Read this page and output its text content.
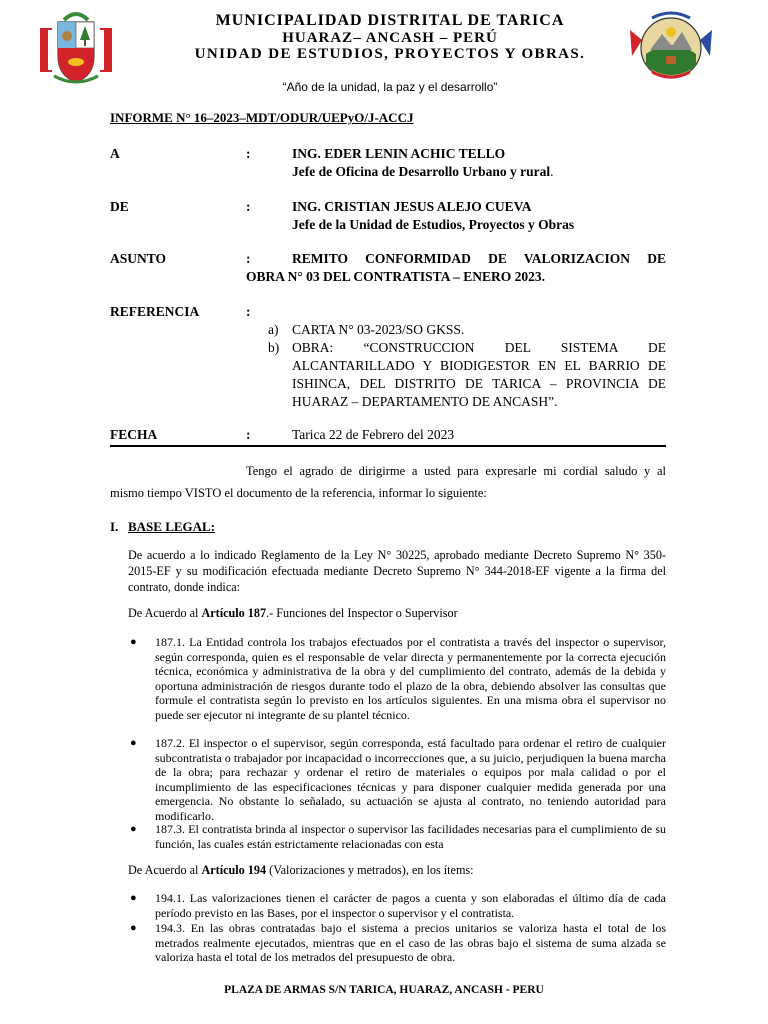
MUNICIPALIDAD DISTRITAL DE TARICA
HUARAZ– ANCASH – PERÚ
UNIDAD DE ESTUDIOS, PROYECTOS Y OBRAS.
“Año de la unidad, la paz y el desarrollo”
INFORME N° 16–2023–MDT/ODUR/UEPyO/J-ACCJ
A	:	ING. EDER LENIN ACHIC TELLO
Jefe de Oficina de Desarrollo Urbano y rural.
DE	:	ING. CRISTIAN JESUS ALEJO CUEVA
Jefe de la Unidad de Estudios, Proyectos y Obras
ASUNTO	:	REMITO CONFORMIDAD DE VALORIZACION DE
OBRA N° 03 DEL CONTRATISTA – ENERO 2023.
REFERENCIA	:
a) CARTA N° 03-2023/SO GKSS.
b) OBRA: “CONSTRUCCION DEL SISTEMA DE
ALCANTARILLADO Y BIODIGESTOR EN EL BARRIO DE
ISHINCA, DEL DISTRITO DE TARICA – PROVINCIA DE
HUARAZ – DEPARTAMENTO DE ANCASH”.
FECHA	:	Tarica 22 de Febrero del 2023
Tengo el agrado de dirigirme a usted para expresarle mi cordial saludo y al
mismo tiempo VISTO el documento de la referencia, informar lo siguiente:
I. BASE LEGAL:
De acuerdo a lo indicado Reglamento de la Ley N° 30225, aprobado mediante Decreto Supremo N° 350-2015-EF y su modificación efectuada mediante Decreto Supremo N° 344-2018-EF vigente a la firma del contrato, donde indica:
De Acuerdo al Artículo 187.- Funciones del Inspector o Supervisor
● 187.1. La Entidad controla los trabajos efectuados por el contratista a través del inspector o supervisor, según corresponda, quien es el responsable de velar directa y permanentemente por la correcta ejecución técnica, económica y administrativa de la obra y del cumplimiento del contrato, además de la debida y oportuna administración de riesgos durante todo el plazo de la obra, debiendo absolver las consultas que formule el contratista según lo previsto en los artículos siguientes. En una misma obra el supervisor no puede ser ejecutor ni integrante de su plantel técnico.
● 187.2. El inspector o el supervisor, según corresponda, está facultado para ordenar el retiro de cualquier subcontratista o trabajador por incapacidad o incorrecciones que, a su juicio, perjudiquen la buena marcha de la obra; para rechazar y ordenar el retiro de materiales o equipos por mala calidad o por el incumplimiento de las especificaciones técnicas y para disponer cualquier medida generada por una emergencia. No obstante lo señalado, su actuación se ajusta al contrato, no teniendo autoridad para modificarlo.
● 187.3. El contratista brinda al inspector o supervisor las facilidades necesarias para el cumplimiento de su función, las cuales están estrictamente relacionadas con esta
De Acuerdo al Artículo 194 (Valorizaciones y metrados), en los ítems:
● 194.1. Las valorizaciones tienen el carácter de pagos a cuenta y son elaboradas el último día de cada período previsto en las Bases, por el inspector o supervisor y el contratista.
● 194.3. En las obras contratadas bajo el sistema a precios unitarios se valoriza hasta el total de los metrados realmente ejecutados, mientras que en el caso de las obras bajo el sistema de suma alzada se valoriza hasta el total de los metrados del presupuesto de obra.
PLAZA DE ARMAS S/N TARICA, HUARAZ, ANCASH - PERU
